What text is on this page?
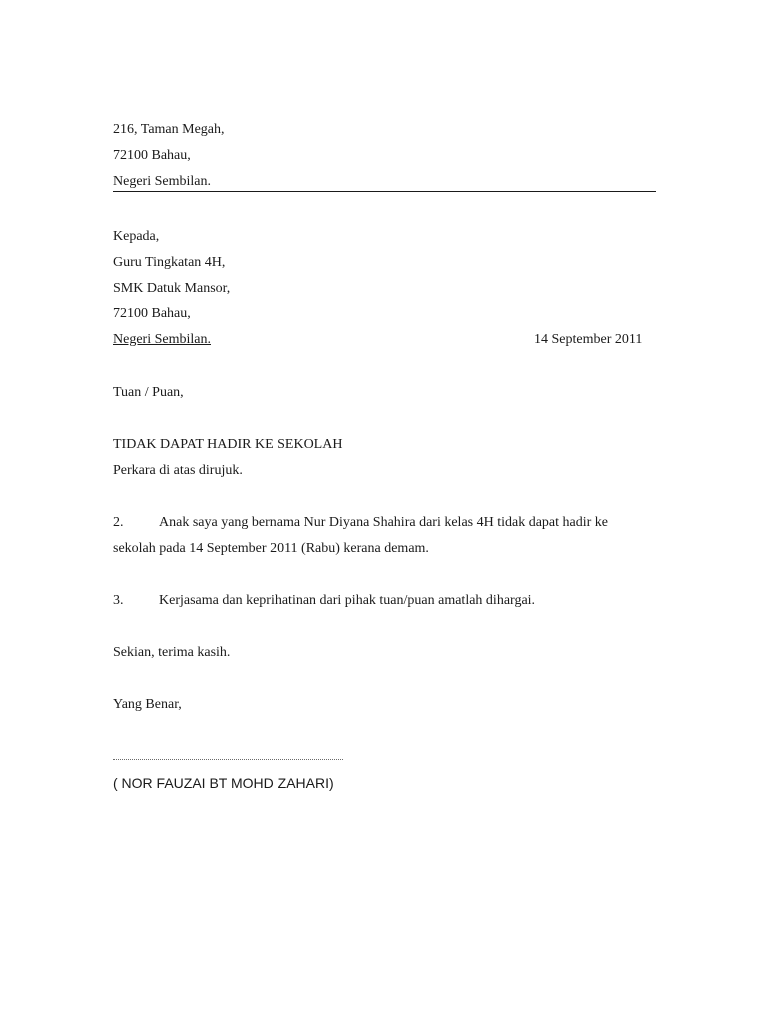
216, Taman Megah,
72100 Bahau,
Negeri Sembilan.
Kepada,
Guru Tingkatan 4H,
SMK Datuk Mansor,
72100 Bahau,
Negeri Sembilan.	14 September 2011
Tuan / Puan,
TIDAK DAPAT HADIR KE SEKOLAH
Perkara di atas dirujuk.
2.	Anak saya yang bernama Nur Diyana Shahira dari kelas 4H tidak dapat hadir ke
sekolah pada 14 September 2011 (Rabu) kerana demam.
3.	Kerjasama dan keprihatinan dari pihak tuan/puan amatlah dihargai.
Sekian, terima kasih.
Yang Benar,
( NOR FAUZAI BT MOHD ZAHARI)
